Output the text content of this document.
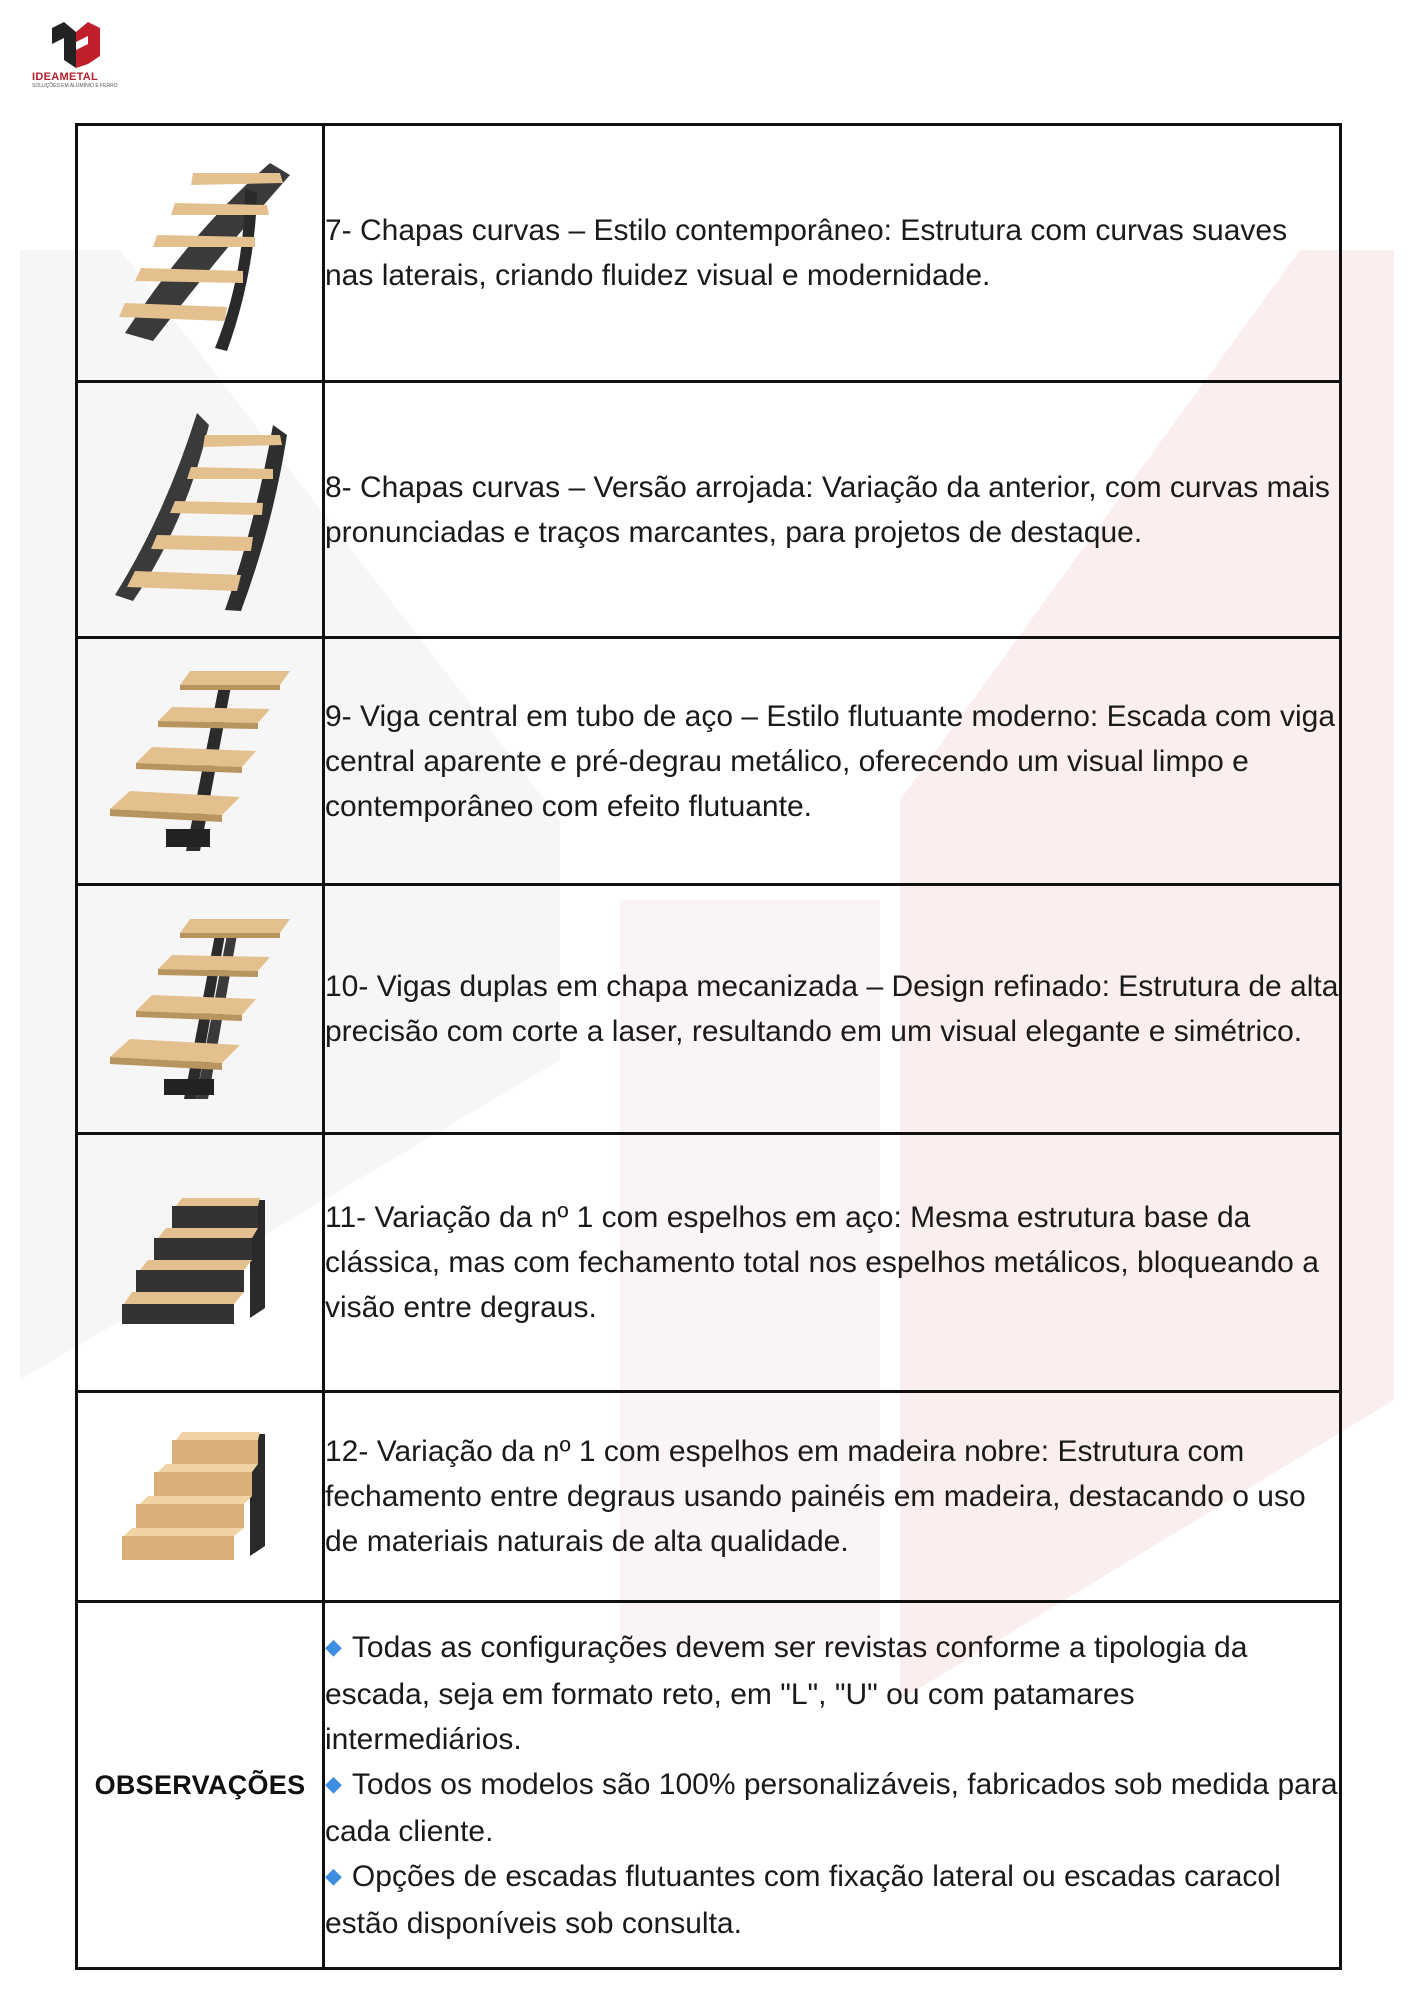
IDEAMETAL
SOLUÇÕES EM ALUMÍNIO E FERRO
	7- Chapas curvas – Estilo contemporâneo: Estrutura com curvas suaves nas laterais, criando fluidez visual e modernidade.
	8- Chapas curvas – Versão arrojada: Variação da anterior, com curvas mais pronunciadas e traços marcantes, para projetos de destaque.
	9- Viga central em tubo de aço – Estilo flutuante moderno: Escada com viga central aparente e pré-degrau metálico, oferecendo um visual limpo e contemporâneo com efeito flutuante.
	10- Vigas duplas em chapa mecanizada – Design refinado: Estrutura de alta precisão com corte a laser, resultando em um visual elegante e simétrico.
	11- Variação da nº 1 com espelhos em aço: Mesma estrutura base da clássica, mas com fechamento total nos espelhos metálicos, bloqueando a visão entre degraus.
	12- Variação da nº 1 com espelhos em madeira nobre: Estrutura com fechamento entre degraus usando painéis em madeira, destacando o uso de materiais naturais de alta qualidade.
OBSERVAÇÕES	◆ Todas as configurações devem ser revistas conforme a tipologia da escada, seja em formato reto, em "L", "U" ou com patamares intermediários.
◆ Todos os modelos são 100% personalizáveis, fabricados sob medida para cada cliente.
◆ Opções de escadas flutuantes com fixação lateral ou escadas caracol estão disponíveis sob consulta.
